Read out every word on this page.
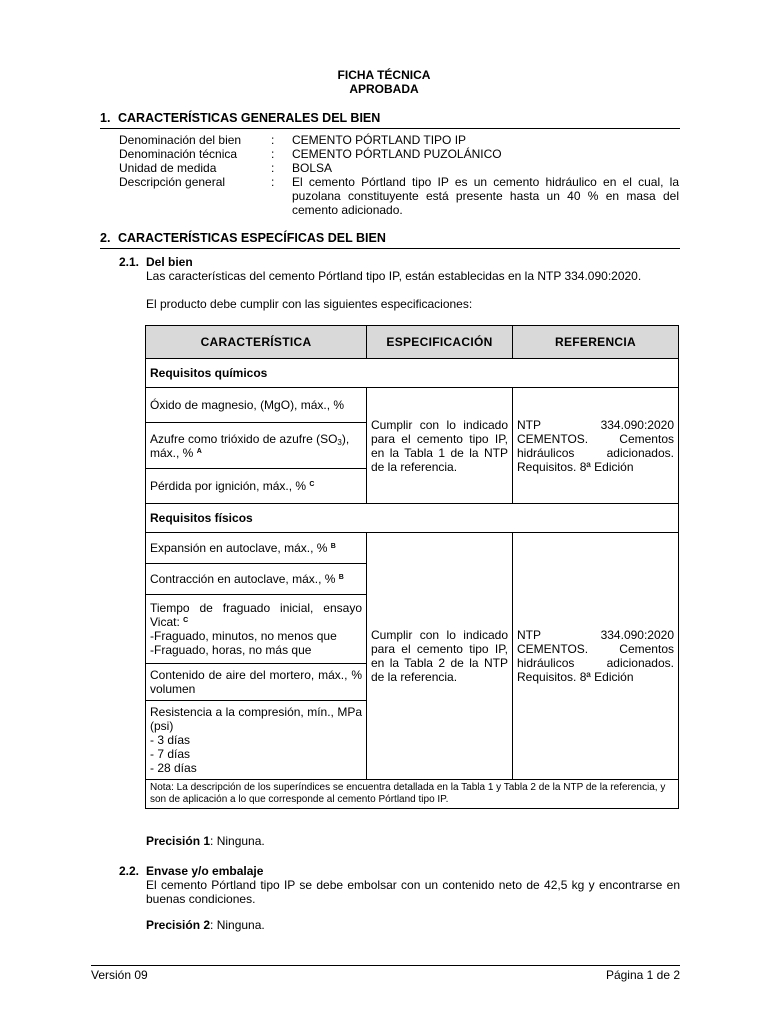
FICHA TÉCNICA
APROBADA
1. CARACTERÍSTICAS GENERALES DEL BIEN
Denominación del bien	:	CEMENTO PÓRTLAND TIPO IP
Denominación técnica	:	CEMENTO PÓRTLAND PUZOLÁNICO
Unidad de medida	:	BOLSA
Descripción general	:	El cemento Pórtland tipo IP es un cemento hidráulico en el cual, la puzolana constituyente está presente hasta un 40 % en masa del cemento adicionado.
2. CARACTERÍSTICAS ESPECÍFICAS DEL BIEN
2.1. Del bien
Las características del cemento Pórtland tipo IP, están establecidas en la NTP 334.090:2020.
El producto debe cumplir con las siguientes especificaciones:
CARACTERÍSTICA	ESPECIFICACIÓN	REFERENCIA
Requisitos químicos		
Óxido de magnesio, (MgO), máx., %	Cumplir con lo indicado para el cemento tipo IP, en la Tabla 1 de la NTP de la referencia.	NTP 334.090:2020 CEMENTOS. Cementos hidráulicos adicionados. Requisitos. 8ª Edición
Azufre como trióxido de azufre $(SO_3)$, máx., % $^A$
Pérdida por ignición, máx., % $^C$
Requisitos físicos		
Expansión en autoclave, máx., % $^B$	Cumplir con lo indicado para el cemento tipo IP, en la Tabla 2 de la NTP de la referencia.	NTP 334.090:2020 CEMENTOS. Cementos hidráulicos adicionados. Requisitos. 8ª Edición
Contracción en autoclave, máx., % $^B$
Tiempo de fraguado inicial, ensayo Vicat: $^C$
-Fraguado, minutos, no menos que
-Fraguado, horas, no más que		
Contenido de aire del mortero, máx., % volumen		
Resistencia a la compresión, mín., MPa (psi)
- 3 días
- 7 días
- 28 días		
Nota: La descripción de los superíndices se encuentra detallada en la Tabla 1 y Tabla 2 de la NTP de la referencia, y son de aplicación a lo que corresponde al cemento Pórtland tipo IP.		
Precisión 1: Ninguna.
2.2. Envase y/o embalaje
El cemento Pórtland tipo IP se debe embolsar con un contenido neto de 42,5 kg y encontrarse en buenas condiciones.
Precisión 2: Ninguna.
Versión 09	Página 1 de 2
